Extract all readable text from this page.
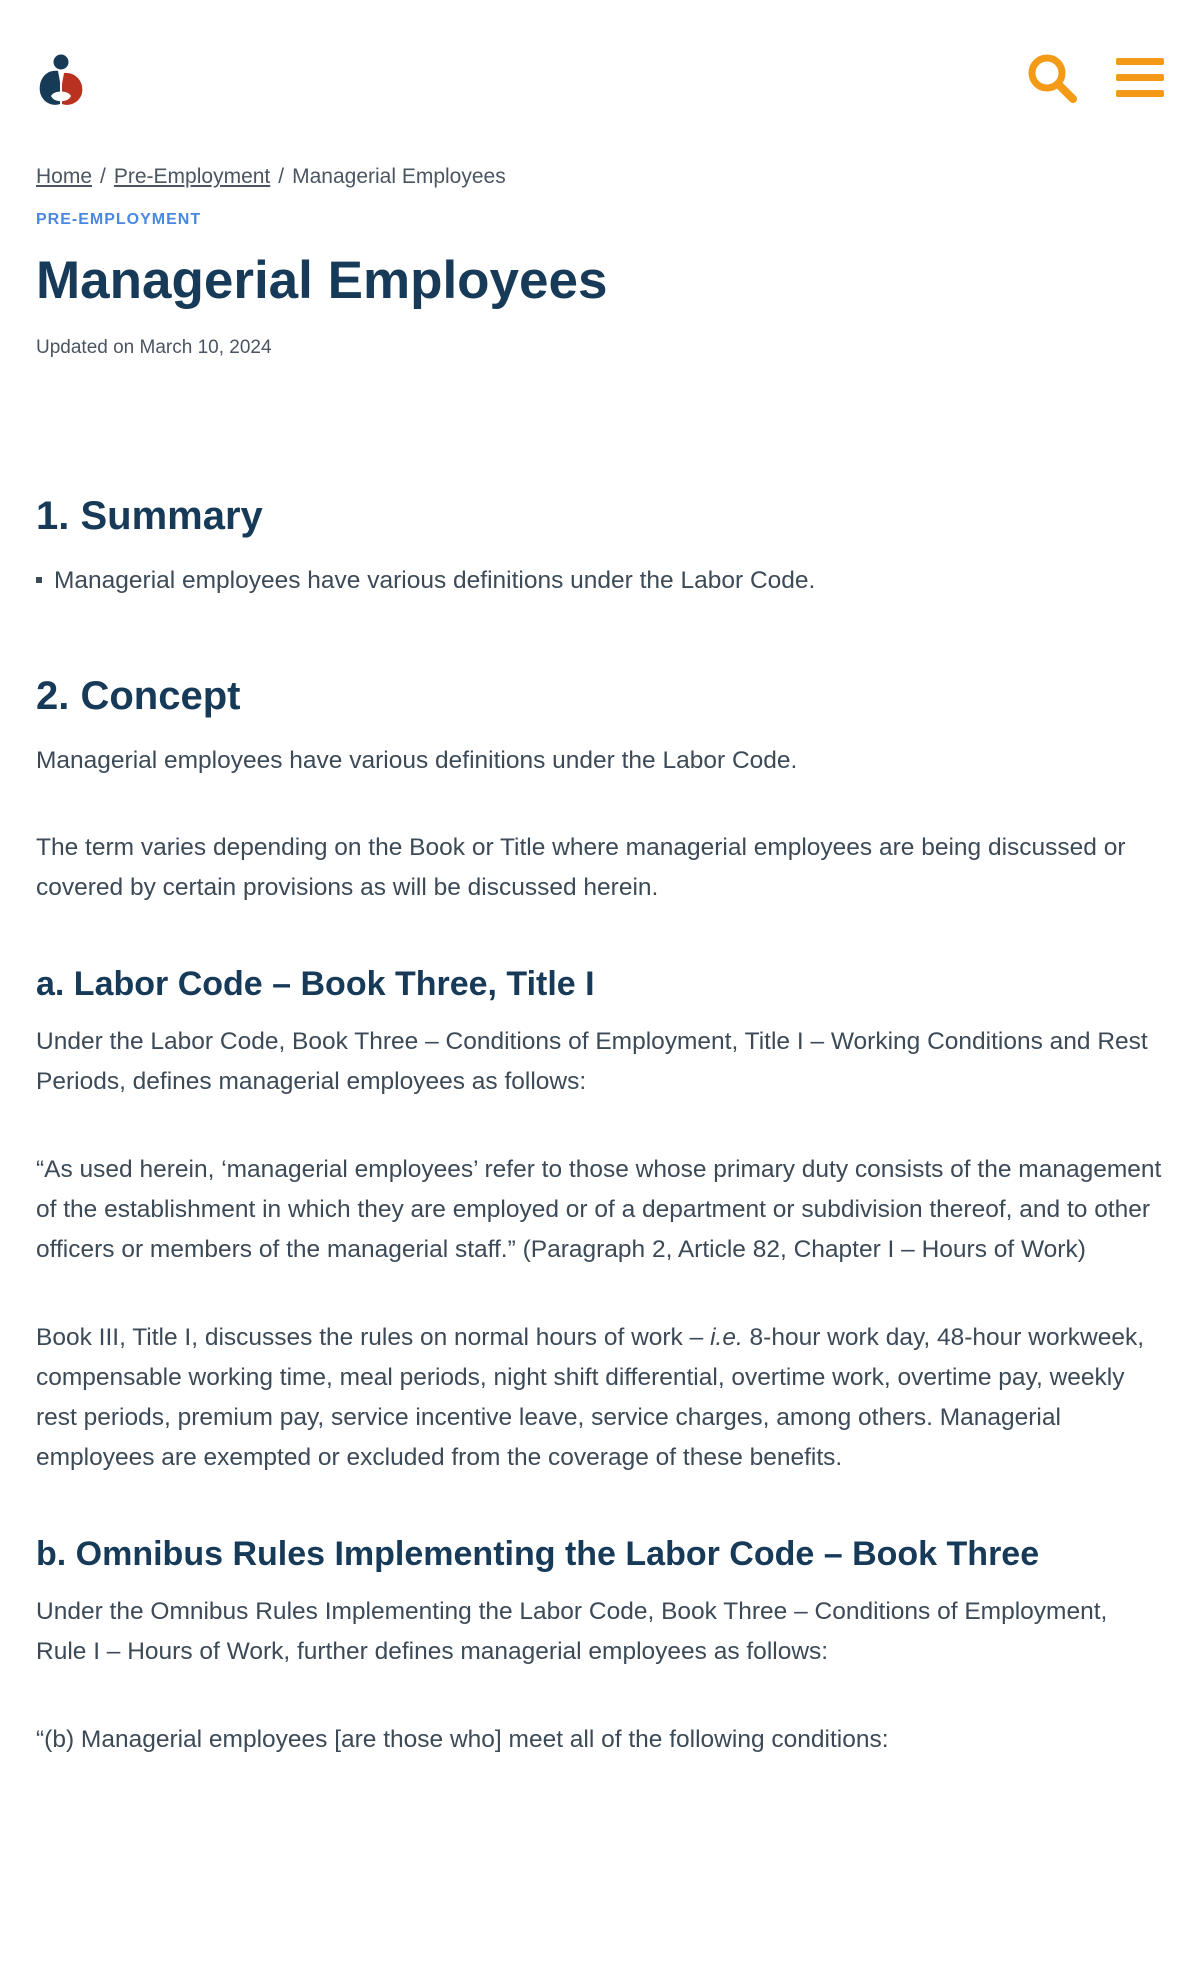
Home / Pre-Employment / Managerial Employees
PRE-EMPLOYMENT
Managerial Employees
Updated on March 10, 2024
1. Summary
Managerial employees have various definitions under the Labor Code.
2. Concept

Managerial employees have various definitions under the Labor Code.

The term varies depending on the Book or Title where managerial employees are being discussed or covered by certain provisions as will be discussed herein.

a. Labor Code – Book Three, Title I

Under the Labor Code, Book Three – Conditions of Employment, Title I – Working Conditions and Rest Periods, defines managerial employees as follows:

“As used herein, ‘managerial employees’ refer to those whose primary duty consists of the management of the establishment in which they are employed or of a department or subdivision thereof, and to other officers or members of the managerial staff.” (Paragraph 2, Article 82, Chapter I – Hours of Work)

Book III, Title I, discusses the rules on normal hours of work – i.e. 8-hour work day, 48-hour workweek, compensable working time, meal periods, night shift differential, overtime work, overtime pay, weekly rest periods, premium pay, service incentive leave, service charges, among others. Managerial employees are exempted or excluded from the coverage of these benefits.

b. Omnibus Rules Implementing the Labor Code – Book Three

Under the Omnibus Rules Implementing the Labor Code, Book Three – Conditions of Employment, Rule I – Hours of Work, further defines managerial employees as follows:

“(b) Managerial employees [are those who] meet all of the following conditions:
